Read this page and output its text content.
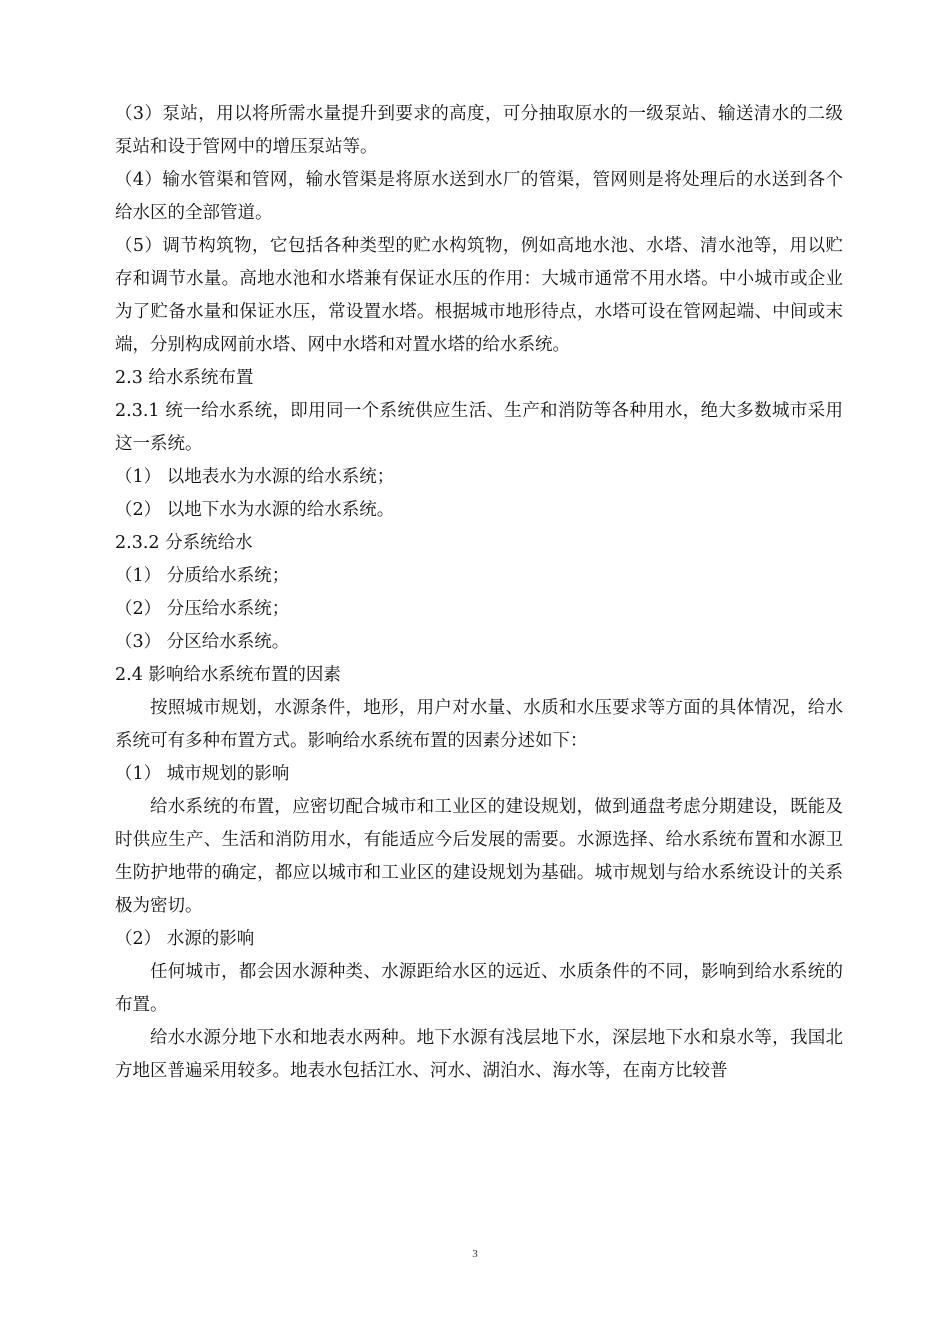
（3）泵站，用以将所需水量提升到要求的高度，可分抽取原水的一级泵站、输送清水的二级泵站和设于管网中的增压泵站等。

（4）输水管渠和管网，输水管渠是将原水送到水厂的管渠，管网则是将处理后的水送到各个给水区的全部管道。

（5）调节构筑物，它包括各种类型的贮水构筑物，例如高地水池、水塔、清水池等，用以贮存和调节水量。高地水池和水塔兼有保证水压的作用：大城市通常不用水塔。中小城市或企业为了贮备水量和保证水压，常设置水塔。根据城市地形待点，水塔可设在管网起端、中间或末端，分别构成网前水塔、网中水塔和对置水塔的给水系统。

2.3 给水系统布置

2.3.1 统一给水系统，即用同一个系统供应生活、生产和消防等各种用水，绝大多数城市采用这一系统。

（1） 以地表水为水源的给水系统；

（2） 以地下水为水源的给水系统。

2.3.2 分系统给水

（1） 分质给水系统；

（2） 分压给水系统；

（3） 分区给水系统。

2.4 影响给水系统布置的因素

按照城市规划，水源条件，地形，用户对水量、水质和水压要求等方面的具体情况，给水系统可有多种布置方式。影响给水系统布置的因素分述如下：

（1） 城市规划的影响

给水系统的布置，应密切配合城市和工业区的建设规划，做到通盘考虑分期建设，既能及时供应生产、生活和消防用水，有能适应今后发展的需要。水源选择、给水系统布置和水源卫生防护地带的确定，都应以城市和工业区的建设规划为基础。城市规划与给水系统设计的关系极为密切。

（2） 水源的影响

任何城市，都会因水源种类、水源距给水区的远近、水质条件的不同，影响到给水系统的布置。

给水水源分地下水和地表水两种。地下水源有浅层地下水，深层地下水和泉水等，我国北方地区普遍采用较多。地表水包括江水、河水、湖泊水、海水等，在南方比较普

3
